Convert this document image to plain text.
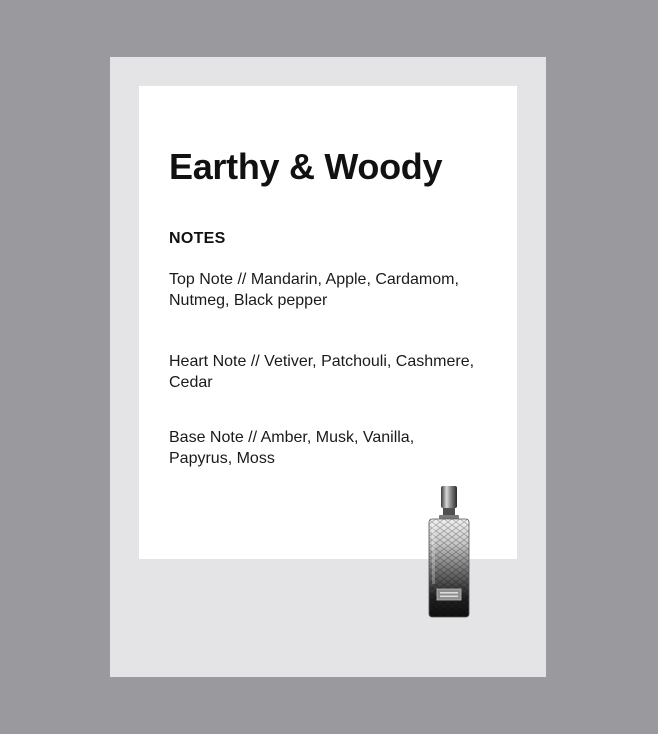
Earthy & Woody
NOTES

Top Note // Mandarin, Apple, Cardamom,
Nutmeg, Black pepper

Heart Note // Vetiver, Patchouli, Cashmere,
Cedar

Base Note // Amber, Musk, Vanilla,
Papyrus, Moss
